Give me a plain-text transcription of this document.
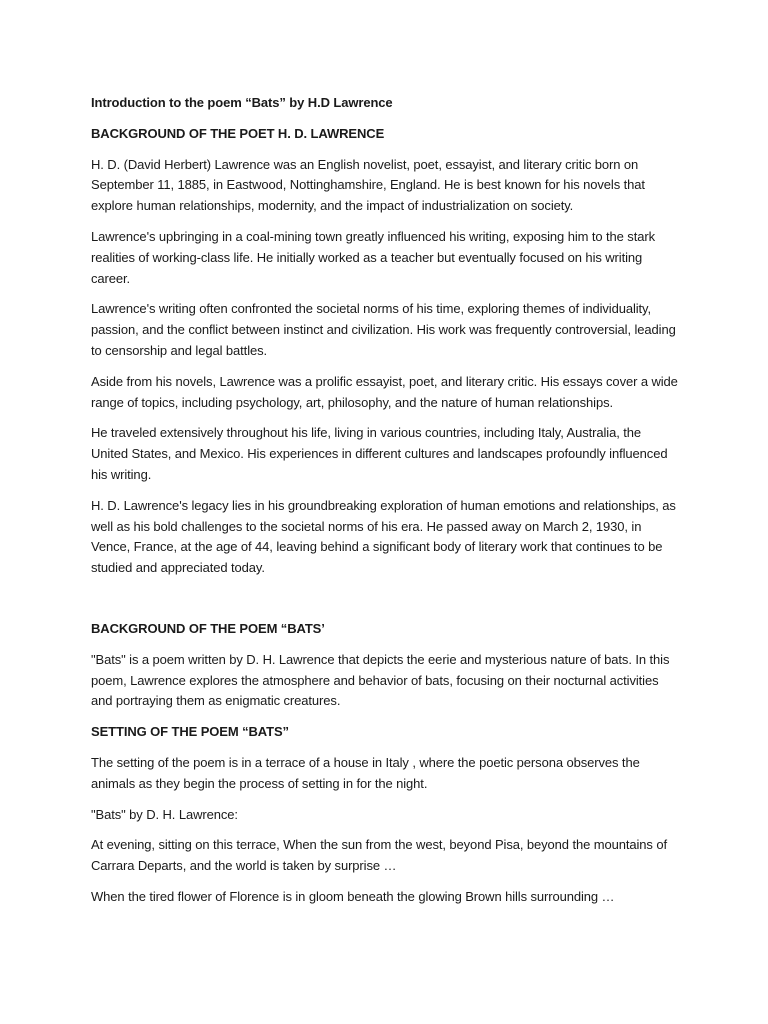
Introduction to the poem “Bats” by H.D Lawrence

BACKGROUND OF THE POET H. D. LAWRENCE

H. D. (David Herbert) Lawrence was an English novelist, poet, essayist, and literary critic born on September 11, 1885, in Eastwood, Nottinghamshire, England. He is best known for his novels that explore human relationships, modernity, and the impact of industrialization on society.

Lawrence's upbringing in a coal-mining town greatly influenced his writing, exposing him to the stark realities of working-class life. He initially worked as a teacher but eventually focused on his writing career.

Lawrence's writing often confronted the societal norms of his time, exploring themes of individuality, passion, and the conflict between instinct and civilization. His work was frequently controversial, leading to censorship and legal battles.

Aside from his novels, Lawrence was a prolific essayist, poet, and literary critic. His essays cover a wide range of topics, including psychology, art, philosophy, and the nature of human relationships.

He traveled extensively throughout his life, living in various countries, including Italy, Australia, the United States, and Mexico. His experiences in different cultures and landscapes profoundly influenced his writing.

H. D. Lawrence's legacy lies in his groundbreaking exploration of human emotions and relationships, as well as his bold challenges to the societal norms of his era. He passed away on March 2, 1930, in Vence, France, at the age of 44, leaving behind a significant body of literary work that continues to be studied and appreciated today.

BACKGROUND OF THE POEM “BATS’

"Bats" is a poem written by D. H. Lawrence that depicts the eerie and mysterious nature of bats. In this poem, Lawrence explores the atmosphere and behavior of bats, focusing on their nocturnal activities and portraying them as enigmatic creatures.

SETTING OF THE POEM “BATS”

The setting of the poem is in a terrace of a house in Italy , where the poetic persona observes the animals as they begin the process of setting in for the night.

"Bats" by D. H. Lawrence:

At evening, sitting on this terrace, When the sun from the west, beyond Pisa, beyond the mountains of Carrara Departs, and the world is taken by surprise …

When the tired flower of Florence is in gloom beneath the glowing Brown hills surrounding …
